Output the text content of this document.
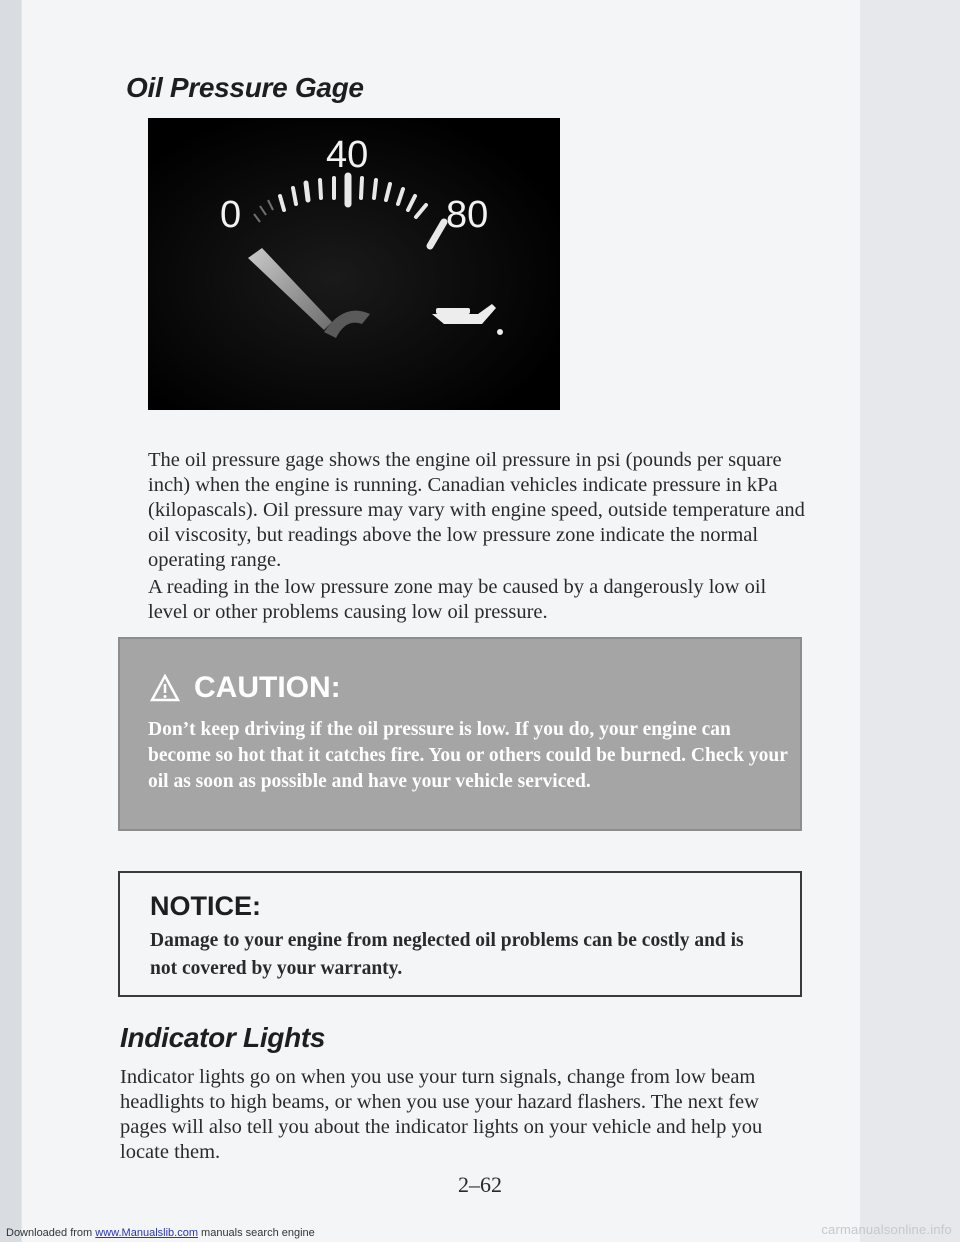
Oil Pressure Gage
40
0	80

The oil pressure gage shows the engine oil pressure in psi (pounds per square inch) when the engine is running. Canadian vehicles indicate pressure in kPa (kilopascals). Oil pressure may vary with engine speed, outside temperature and oil viscosity, but readings above the low pressure zone indicate the normal operating range.

A reading in the low pressure zone may be caused by a dangerously low oil level or other problems causing low oil pressure.

CAUTION:

Don’t keep driving if the oil pressure is low. If you do, your engine can become so hot that it catches fire. You or others could be burned. Check your oil as soon as possible and have your vehicle serviced.

NOTICE:

Damage to your engine from neglected oil problems can be costly and is not covered by your warranty.

Indicator Lights

Indicator lights go on when you use your turn signals, change from low beam headlights to high beams, or when you use your hazard flashers. The next few pages will also tell you about the indicator lights on your vehicle and help you locate them.

2–62
Downloaded from www.Manualslib.com manuals search engine	carmanualsonline.info
